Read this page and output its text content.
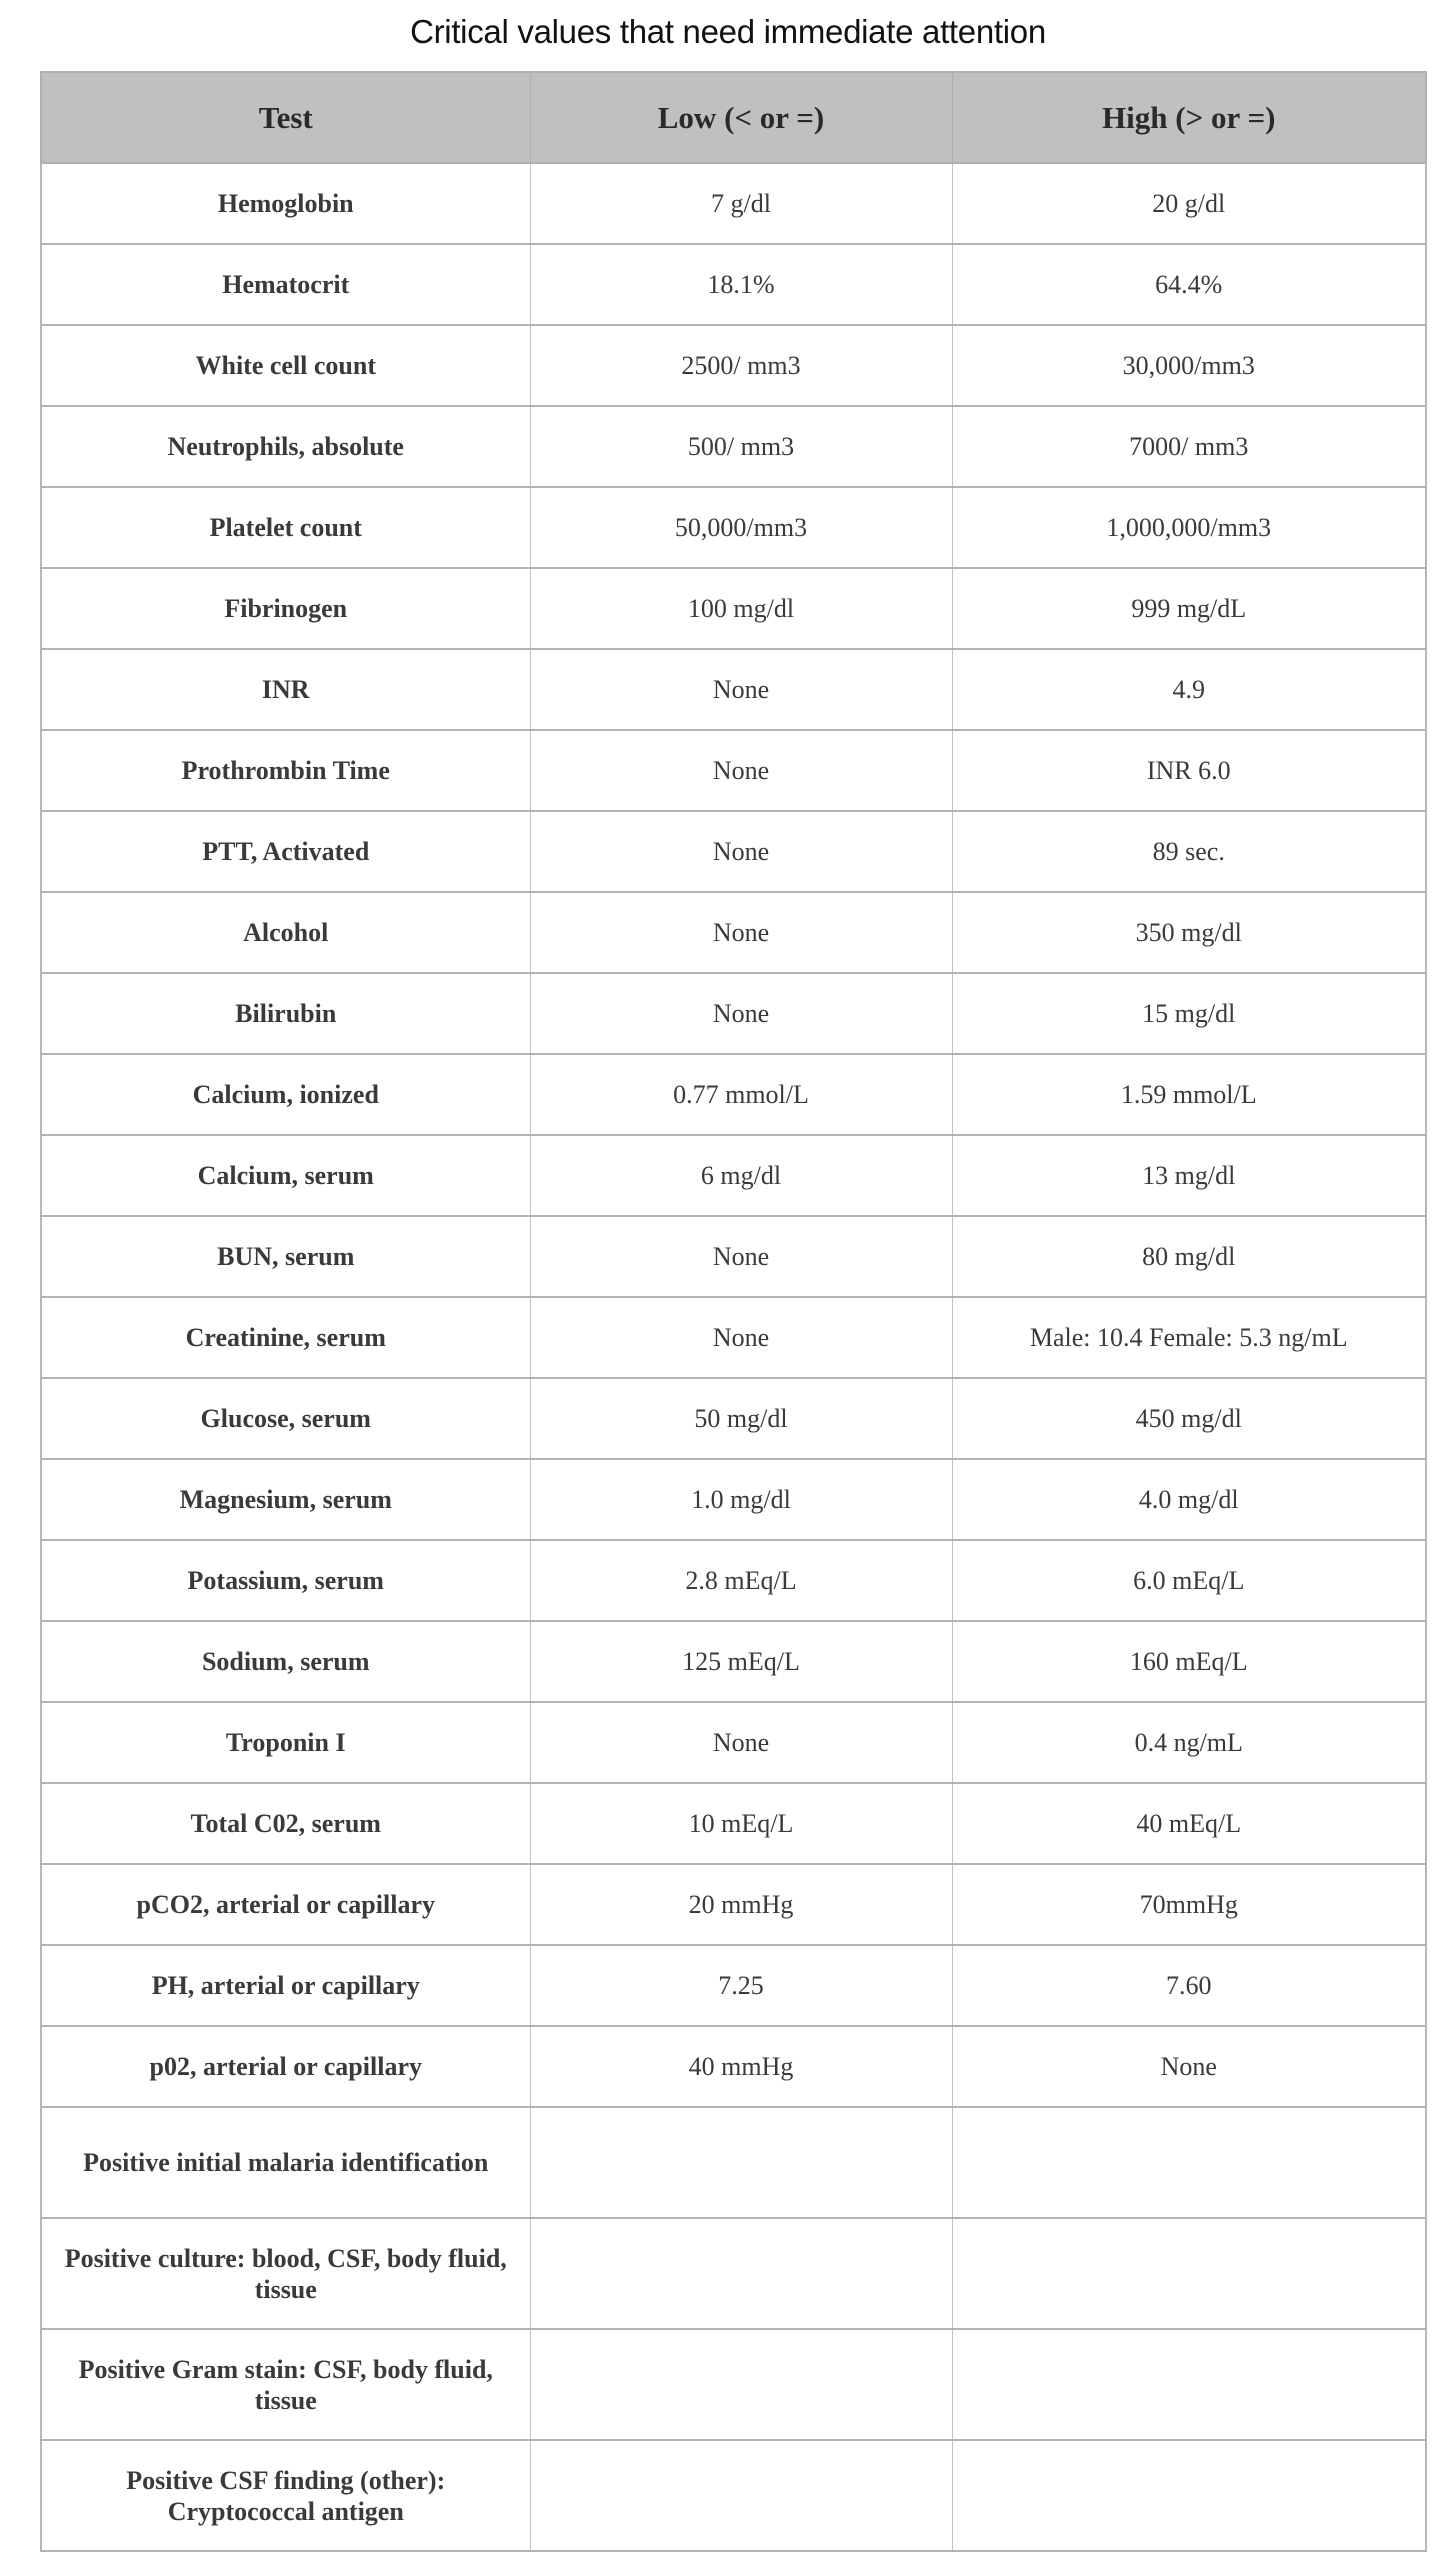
Critical values that need immediate attention
Test	Low (< or =)	High (> or =)
Hemoglobin	7 g/dl	20 g/dl
Hematocrit	18.1%	64.4%
White cell count	2500/ mm3	30,000/mm3
Neutrophils, absolute	500/ mm3	7000/ mm3
Platelet count	50,000/mm3	1,000,000/mm3
Fibrinogen	100 mg/dl	999 mg/dL
INR	None	4.9
Prothrombin Time	None	INR 6.0
PTT, Activated	None	89 sec.
Alcohol	None	350 mg/dl
Bilirubin	None	15 mg/dl
Calcium, ionized	0.77 mmol/L	1.59 mmol/L
Calcium, serum	6 mg/dl	13 mg/dl
BUN, serum	None	80 mg/dl
Creatinine, serum	None	Male: 10.4 Female: 5.3 ng/mL
Glucose, serum	50 mg/dl	450 mg/dl
Magnesium, serum	1.0 mg/dl	4.0 mg/dl
Potassium, serum	2.8 mEq/L	6.0 mEq/L
Sodium, serum	125 mEq/L	160 mEq/L
Troponin I	None	0.4 ng/mL
Total C02, serum	10 mEq/L	40 mEq/L
pCO2, arterial or capillary	20 mmHg	70mmHg
PH, arterial or capillary	7.25	7.60
p02, arterial or capillary	40 mmHg	None
Positive initial malaria identification		
Positive culture: blood, CSF, body fluid, tissue		
Positive Gram stain: CSF, body fluid, tissue		
Positive CSF finding (other): Cryptococcal antigen		
